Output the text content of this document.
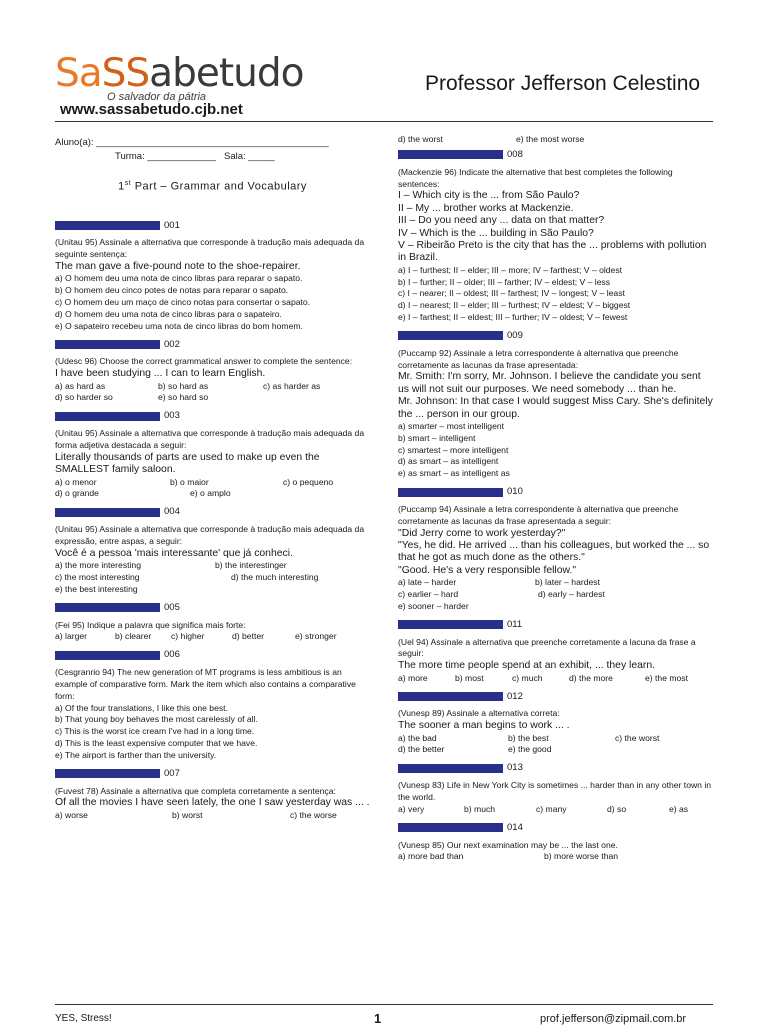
SaSSabetudo
O salvador da pátria
www.sassabetudo.cjb.net
Professor Jefferson Celestino

Aluno(a): ____________________________________________

Turma: _____________ Sala: _____

1st Part – Grammar and Vocabulary
001

(Unitau 95) Assinale a alternativa que corresponde à tradução mais adequada da seguinte sentença:

The man gave a five-pound note to the shoe-repairer.

a) O homem deu uma nota de cinco libras para reparar o sapato.

b) O homem deu cinco potes de notas para reparar o sapato.

c) O homem deu um maço de cinco notas para consertar o sapato.

d) O homem deu uma nota de cinco libras para o sapateiro.

e) O sapateiro recebeu uma nota de cinco libras do bom homem.

002

(Udesc 96) Choose the correct grammatical answer to complete the sentence:

I have been studying ... I can to learn English.

a) as hard as	b) so hard as	c) as harder as
d) so harder so	e) so hard so
003

(Unitau 95) Assinale a alternativa que corresponde à tradução mais adequada da forma adjetiva destacada a seguir:

Literally thousands of parts are used to make up even the SMALLEST family saloon.

a) o menor	b) o maior	c) o pequeno
d) o grande	e) o amplo
004

(Unitau 95) Assinale a alternativa que corresponde à tradução mais adequada da expressão, entre aspas, a seguir:

Você é a pessoa 'mais interessante' que já conheci.

a) the more interesting	b) the interestinger
c) the most interesting	d) the much interesting
e) the best interesting
005

(Fei 95) Indique a palavra que significa mais forte:

a) larger	b) clearer	c) higher	d) better	e) stronger
006

(Cesgranrio 94) The new generation of MT programs is less ambitious is an example of comparative form. Mark the item which also contains a comparative form:

a) Of the four translations, I like this one best.

b) That young boy behaves the most carelessly of all.

c) This is the worst ice cream I've had in a long time.

d) This is the least expensive computer that we have.

e) The airport is farther than the university.

007

(Fuvest 78) Assinale a alternativa que completa corretamente a sentença:

Of all the movies I have seen lately, the one I saw yesterday was ... .

a) worse	b) worst	c) the worse
d) the worst	e) the most worse
008

(Mackenzie 96) Indicate the alternative that best completes the following sentences:

I – Which city is the ... from São Paulo?

II – My ... brother works at Mackenzie.

III – Do you need any ... data on that matter?

IV – Which is the ... building in São Paulo?

V – Ribeirão Preto is the city that has the ... problems with pollution in Brazil.

a) I – furthest; II – elder; III – more; IV – farthest; V – oldest

b) I – further; II – older; III – farther; IV – eldest; V – less

c) I – nearer; II – oldest; III – farthest; IV – longest; V – least

d) I – nearest; II – elder; III – furthest; IV – eldest; V – biggest

e) I – farthest; II – eldest; III – further; IV – oldest; V – fewest

009

(Puccamp 92) Assinale a letra correspondente à alternativa que preenche corretamente as lacunas da frase apresentada:

Mr. Smith: I'm sorry, Mr. Johnson. I believe the candidate you sent us will not suit our purposes. We need somebody ... than he.

Mr. Johnson: In that case I would suggest Miss Cary. She's definitely the ... person in our group.

a) smarter – most intelligent

b) smart – intelligent

c) smartest – more intelligent

d) as smart – as intelligent

e) as smart – as intelligent as

010

(Puccamp 94) Assinale a letra correspondente à alternativa que preenche corretamente as lacunas da frase apresentada a seguir:

"Did Jerry come to work yesterday?"

"Yes, he did. He arrived ... than his colleagues, but worked the ... so that he got as much done as the others."

"Good. He's a very responsible fellow."

a) late – harder	b) later – hardest
c) earlier – hard	d) early – hardest
e) sooner – harder
011

(Uel 94) Assinale a alternativa que preenche corretamente a lacuna da frase a seguir:

The more time people spend at an exhibit, ... they learn.

a) more	b) most	c) much	d) the more	e) the most
012

(Vunesp 89) Assinale a alternativa correta:

The sooner a man begins to work ... .

a) the bad	b) the best	c) the worst
d) the better	e) the good
013

(Vunesp 83) Life in New York City is sometimes ... harder than in any other town in the world.

a) very	b) much	c) many	d) so	e) as
014

(Vunesp 85) Our next examination may be ... the last one.

a) more bad than	b) more worse than
YES, Stress!	1	prof.jefferson@zipmail.com.br
